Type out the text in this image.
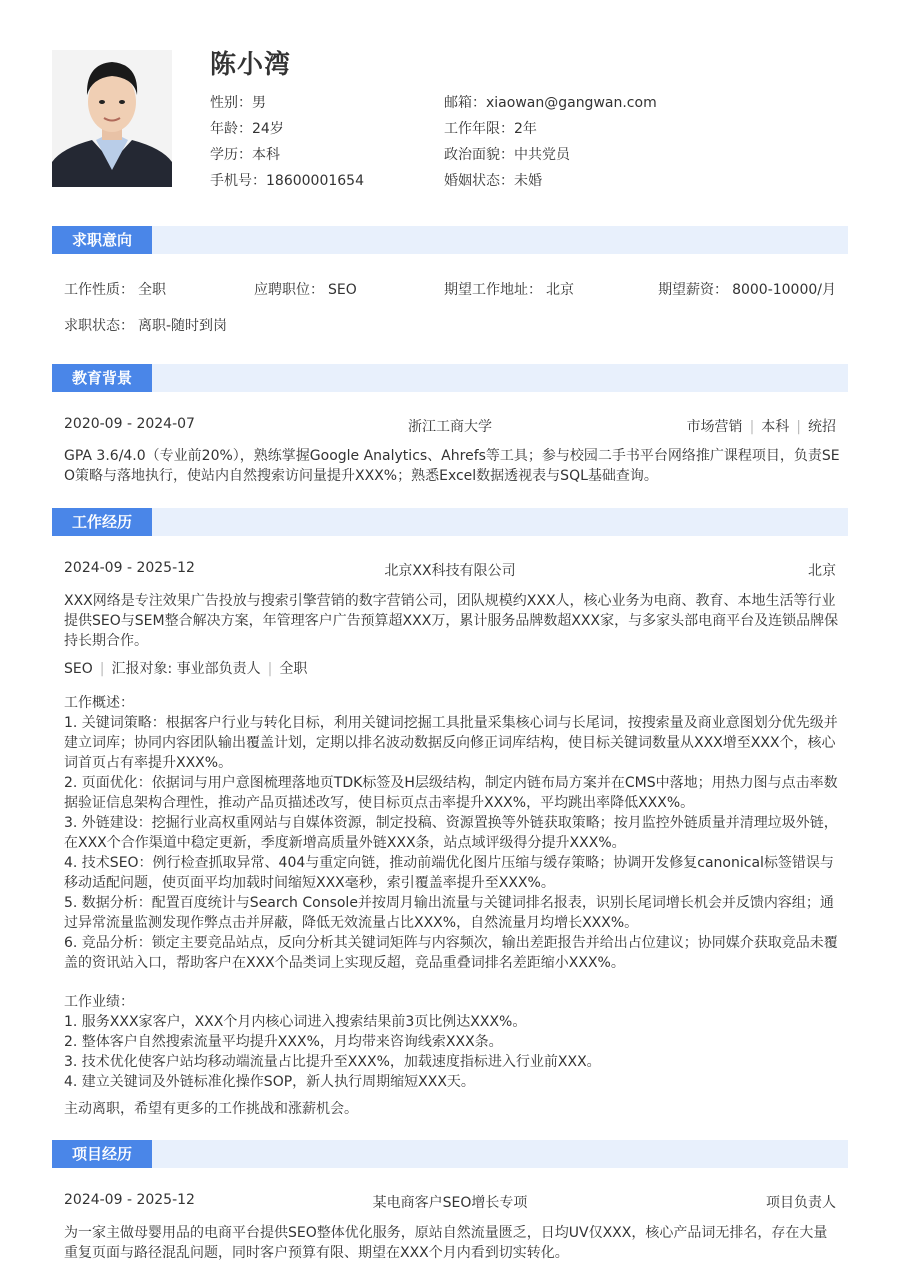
陈小湾
性别：男
年龄：24岁
学历：本科
手机号：18600001654
邮箱：xiaowan@gangwan.com
工作年限：2年
政治面貌：中共党员
婚姻状态：未婚
求职意向
工作性质： 全职	应聘职位： SEO	期望工作地址： 北京	期望薪资： 8000-10000/月
求职状态： 离职-随时到岗
教育背景
2020-09 - 2024-07	浙江工商大学	市场营销 | 本科 | 统招
GPA 3.6/4.0（专业前20%），熟练掌握Google Analytics、Ahrefs等工具；参与校园二手书平台网络推广课程项目，负责SEO策略与落地执行，使站内自然搜索访问量提升XXX%；熟悉Excel数据透视表与SQL基础查询。
工作经历
2024-09 - 2025-12	北京XX科技有限公司	北京
XXX网络是专注效果广告投放与搜索引擎营销的数字营销公司，团队规模约XXX人，核心业务为电商、教育、本地生活等行业提供SEO与SEM整合解决方案，年管理客户广告预算超XXX万，累计服务品牌数超XXX家，与多家头部电商平台及连锁品牌保持长期合作。
SEO | 汇报对象: 事业部负责人 | 全职
工作概述：
1. 关键词策略：根据客户行业与转化目标，利用关键词挖掘工具批量采集核心词与长尾词，按搜索量及商业意图划分优先级并建立词库；协同内容团队输出覆盖计划，定期以排名波动数据反向修正词库结构，使目标关键词数量从XXX增至XXX个，核心词首页占有率提升XXX%。
2. 页面优化：依据词与用户意图梳理落地页TDK标签及H层级结构，制定内链布局方案并在CMS中落地；用热力图与点击率数据验证信息架构合理性，推动产品页描述改写，使目标页点击率提升XXX%，平均跳出率降低XXX%。
3. 外链建设：挖掘行业高权重网站与自媒体资源，制定投稿、资源置换等外链获取策略；按月监控外链质量并清理垃圾外链，在XXX个合作渠道中稳定更新，季度新增高质量外链XXX条，站点域评级得分提升XXX%。
4. 技术SEO：例行检查抓取异常、404与重定向链，推动前端优化图片压缩与缓存策略；协调开发修复canonical标签错误与移动适配问题，使页面平均加载时间缩短XXX毫秒，索引覆盖率提升至XXX%。
5. 数据分析：配置百度统计与Search Console并按周月输出流量与关键词排名报表，识别长尾词增长机会并反馈内容组；通过异常流量监测发现作弊点击并屏蔽，降低无效流量占比XXX%，自然流量月均增长XXX%。
6. 竞品分析：锁定主要竞品站点，反向分析其关键词矩阵与内容频次，输出差距报告并给出占位建议；协同媒介获取竞品未覆盖的资讯站入口，帮助客户在XXX个品类词上实现反超，竞品重叠词排名差距缩小XXX%。
工作业绩：
1. 服务XXX家客户，XXX个月内核心词进入搜索结果前3页比例达XXX%。
2. 整体客户自然搜索流量平均提升XXX%，月均带来咨询线索XXX条。
3. 技术优化使客户站均移动端流量占比提升至XXX%，加载速度指标进入行业前XXX。
4. 建立关键词及外链标准化操作SOP，新人执行周期缩短XXX天。
主动离职，希望有更多的工作挑战和涨薪机会。
项目经历
2024-09 - 2025-12	某电商客户SEO增长专项	项目负责人
为一家主做母婴用品的电商平台提供SEO整体优化服务，原站自然流量匮乏，日均UV仅XXX，核心产品词无排名，存在大量重复页面与路径混乱问题，同时客户预算有限、期望在XXX个月内看到切实转化。
